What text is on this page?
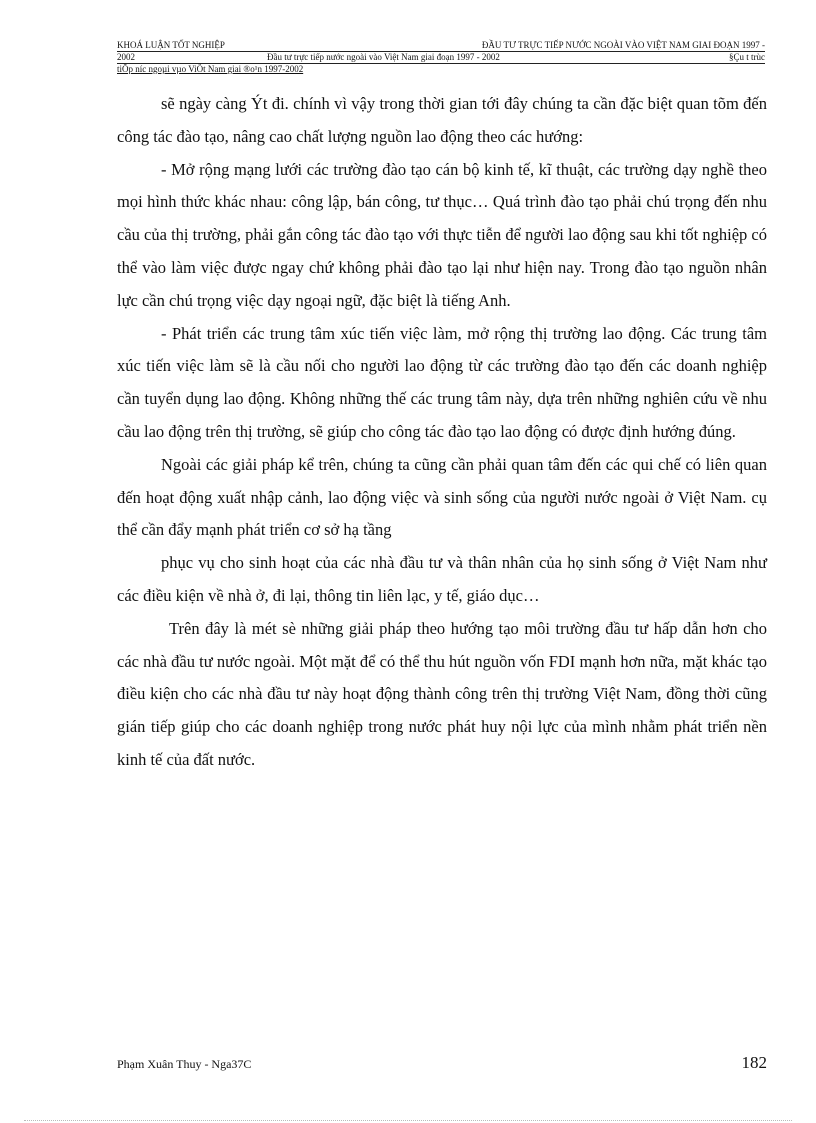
KHOÁ LUẬN TỐT NGHIỆP	ĐẦU TƯ TRỰC TIẾP NƯỚC NGOÀI VÀO VIỆT NAM GIAI ĐOẠN 1997 -
2002	Đầu tư trực tiếp nước ngoài vào Việt Nam giai đoạn 1997 - 2002	§Çu t trùc
tiÕp níc ngoµi vµo ViÖt Nam giai ®o¹n 1997-2002

sẽ ngày càng Ýt đi. chính vì vậy trong thời gian tới đây chúng ta cần đặc biệt quan tõm đến công tác đào tạo, nâng cao chất lượng nguồn lao động theo các hướng:

- Mở rộng mạng lưới các trường đào tạo cán bộ kinh tế, kĩ thuật, các trường dạy nghề theo mọi hình thức khác nhau: công lập, bán công, tư thục… Quá trình đào tạo phải chú trọng đến nhu cầu của thị trường, phải gắn công tác đào tạo với thực tiễn để người lao động sau khi tốt nghiệp có thể vào làm việc được ngay chứ không phải đào tạo lại như hiện nay. Trong đào tạo nguồn nhân lực cần chú trọng việc dạy ngoại ngữ, đặc biệt là tiếng Anh.

- Phát triển các trung tâm xúc tiến việc làm, mở rộng thị trường lao động. Các trung tâm xúc tiến việc làm sẽ là cầu nối cho người lao động từ các trường đào tạo đến các doanh nghiệp cần tuyển dụng lao động. Không những thế các trung tâm này, dựa trên những nghiên cứu về nhu cầu lao động trên thị trường, sẽ giúp cho công tác đào tạo lao động có được định hướng đúng.

Ngoài các giải pháp kể trên, chúng ta cũng cần phải quan tâm đến các qui chế có liên quan đến hoạt động xuất nhập cảnh, lao động việc và sinh sống của người nước ngoài ở Việt Nam. cụ thể cần đẩy mạnh phát triển cơ sở hạ tầng

phục vụ cho sinh hoạt của các nhà đầu tư và thân nhân của họ sinh sống ở Việt Nam như các điều kiện về nhà ở, đi lại, thông tin liên lạc, y tế, giáo dục…

Trên đây là mét sè những giải pháp theo hướng tạo môi trường đầu tư hấp dẫn hơn cho các nhà đầu tư nước ngoài. Một mặt để có thể thu hút nguồn vốn FDI mạnh hơn nữa, mặt khác tạo điều kiện cho các nhà đầu tư này hoạt động thành công trên thị trường Việt Nam, đồng thời cũng gián tiếp giúp cho các doanh nghiệp trong nước phát huy nội lực của mình nhằm phát triển nền kinh tế của đất nước.

Phạm Xuân Thuy - Nga37C	182
